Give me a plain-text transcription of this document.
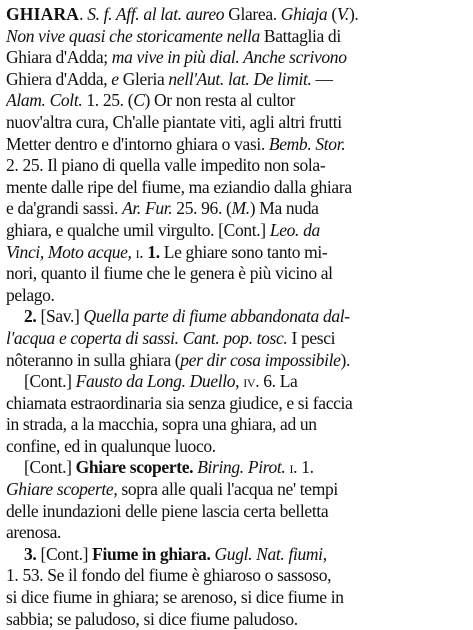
GHIARA. S. f. Aff. al lat. aureo Glarea. Ghiaja (V.).
Non vive quasi che storicamente nella Battaglia di
Ghiara d'Adda; ma vive in più dial. Anche scrivono
Ghiera d'Adda, e Gleria nell'Aut. lat. De limit. —
Alam. Colt. 1. 25. (C) Or non resta al cultor
nuov'altra cura, Ch'alle piantate viti, agli altri frutti
Metter dentro e d'intorno ghiara o vasi. Bemb. Stor.
2. 25. Il piano di quella valle impedito non sola-
mente dalle ripe del fiume, ma eziandio dalla ghiara
e da'grandi sassi. Ar. Fur. 25. 96. (M.) Ma nuda
ghiara, e qualche umil virgulto. [Cont.] Leo. da
Vinci, Moto acque, i. 1. Le ghiare sono tanto mi-
nori, quanto il fiume che le genera è più vicino al
pelago.
2. [Sav.] Quella parte di fiume abbandonata dal-
l'acqua e coperta di sassi. Cant. pop. tosc. I pesci
nôteranno in sulla ghiara (per dir cosa impossibile).
[Cont.] Fausto da Long. Duello, iv. 6. La
chiamata estraordinaria sia senza giudice, e si faccia
in strada, a la macchia, sopra una ghiara, ad un
confine, ed in qualunque luoco.
[Cont.] Ghiare scoperte. Biring. Pirot. i. 1.
Ghiare scoperte, sopra alle quali l'acqua ne' tempi
delle inundazioni delle piene lascia certa belletta
arenosa.
3. [Cont.] Fiume in ghiara. Gugl. Nat. fiumi,
1. 53. Se il fondo del fiume è ghiaroso o sassoso,
si dice fiume in ghiara; se arenoso, si dice fiume in
sabbia; se paludoso, si dice fiume paludoso.
